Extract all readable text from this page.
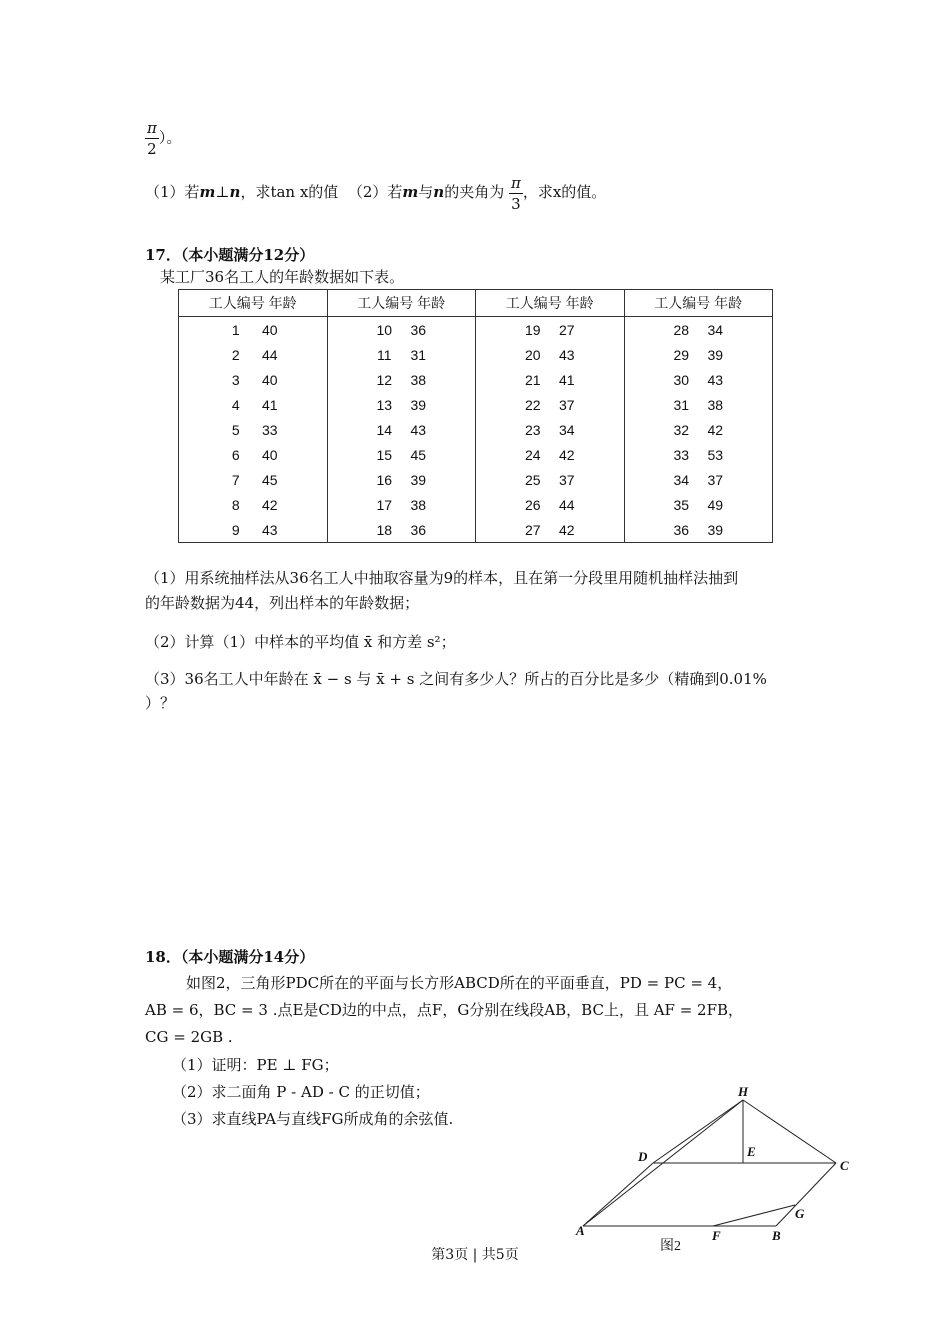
$\frac{\pi}{2}$ ）。
（1）若m⊥n，求tan x的值 （2）若m与n的夹角为 $\frac{\pi}{3}$ ，求x的值。
17．（本小题满分12分）
某工厂36名工人的年龄数据如下表。
工人编号 年龄	工人编号 年龄	工人编号 年龄	工人编号 年龄
1 40	10 36	19 27	28 34
2 44	11 31	20 43	29 39
3 40	12 38	21 41	30 43
4 41	13 39	22 37	31 38
5 33	14 43	23 34	32 42
6 40	15 45	24 42	33 53
7 45	16 39	25 37	34 37
8 42	17 38	26 44	35 49
9 43	18 36	27 42	36 39
（1）用系统抽样法从36名工人中抽取容量为9的样本，且在第一分段里用随机抽样法抽到
的年龄数据为44，列出样本的年龄数据；
（2）计算（1）中样本的平均值 x̄ 和方差 s²；
（3）36名工人中年龄在 x̄ − s 与 x̄ + s 之间有多少人？所占的百分比是多少（精确到0.01%
）？
18．（本小题满分14分）
如图2，三角形PDC所在的平面与长方形ABCD所在的平面垂直，PD = PC = 4，
AB = 6，BC = 3 .点E是CD边的中点，点F，G分别在线段AB，BC上，且 AF = 2FB，
CG = 2GB .
（1）证明：PE ⊥ FG；
（2）求二面角 P - AD - C 的正切值；
（3）求直线PA与直线FG所成角的余弦值.
H
D	E
C
A	F	B
G
图2
第3页 | 共5页
